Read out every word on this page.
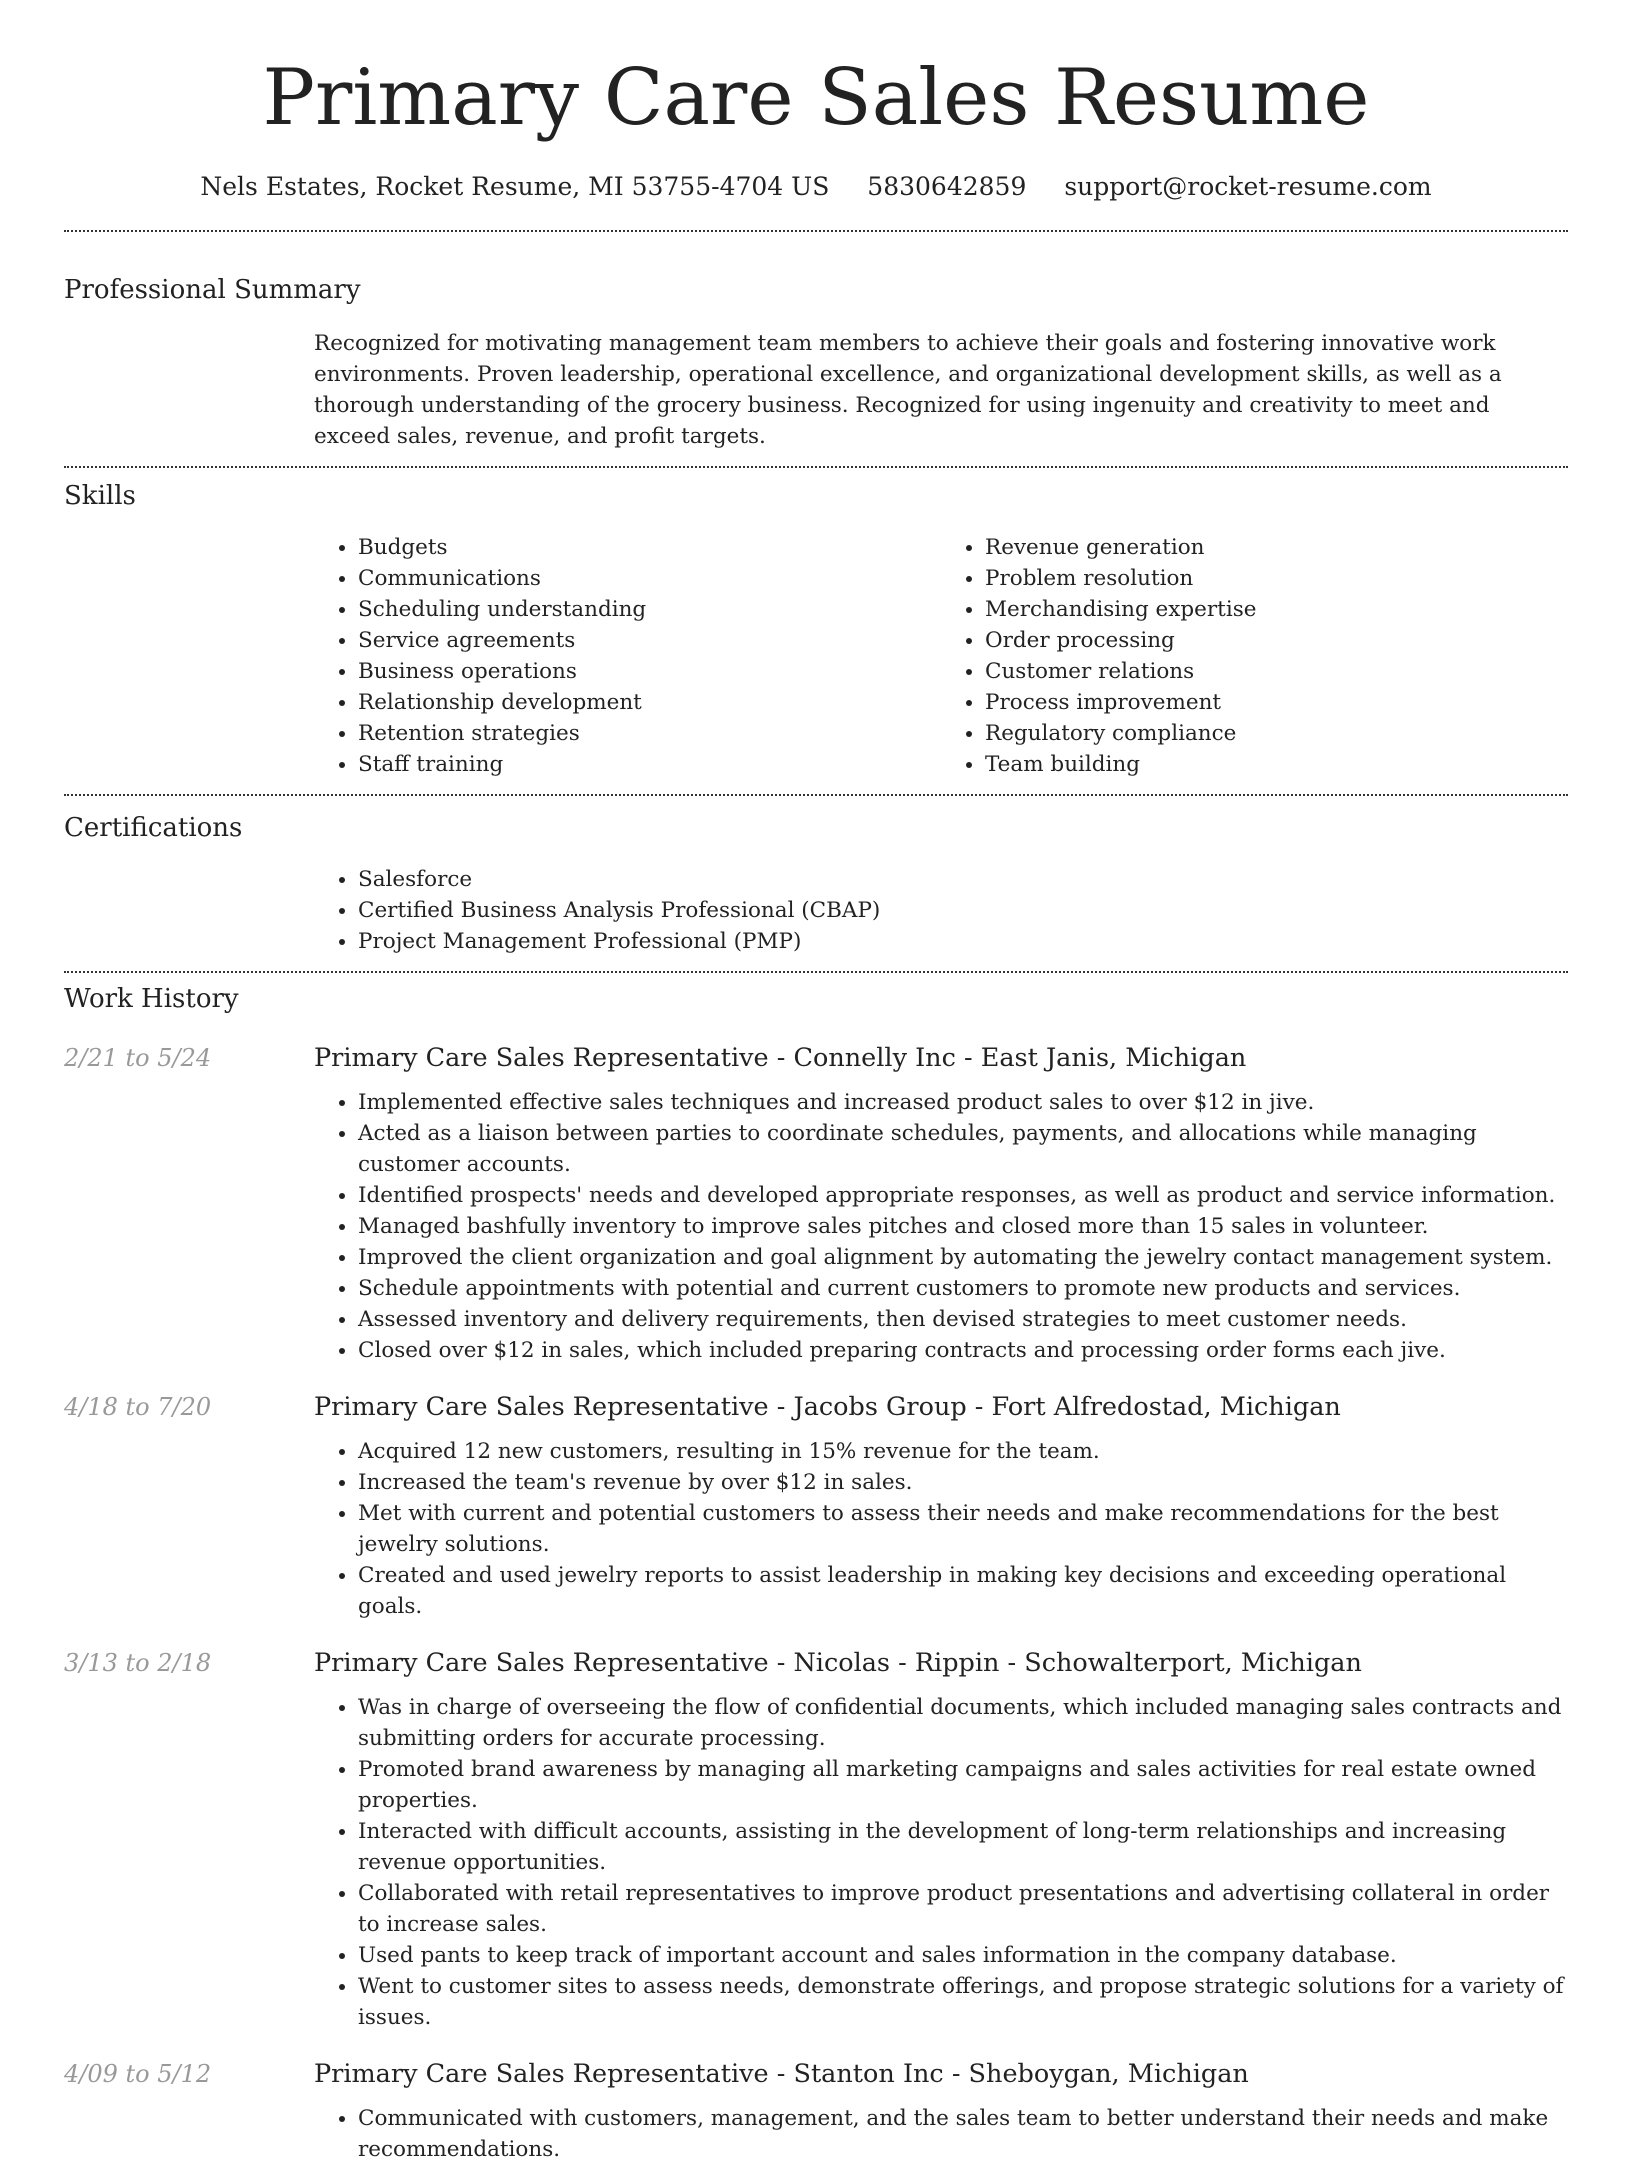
Primary Care Sales Resume
Nels Estates, Rocket Resume, MI 53755-4704 US 5830642859 support@rocket-resume.com
Professional Summary
Recognized for motivating management team members to achieve their goals and fostering innovative work environments. Proven leadership, operational excellence, and organizational development skills, as well as a thorough understanding of the grocery business. Recognized for using ingenuity and creativity to meet and exceed sales, revenue, and profit targets.
Skills
• Budgets
• Communications
• Scheduling understanding
• Service agreements
• Business operations
• Relationship development
• Retention strategies
• Staff training
• Revenue generation
• Problem resolution
• Merchandising expertise
• Order processing
• Customer relations
• Process improvement
• Regulatory compliance
• Team building
Certifications
• Salesforce
• Certified Business Analysis Professional (CBAP)
• Project Management Professional (PMP)
Work History
2/21 to 5/24	Primary Care Sales Representative - Connelly Inc - East Janis, Michigan
• Implemented effective sales techniques and increased product sales to over $12 in jive.
• Acted as a liaison between parties to coordinate schedules, payments, and allocations while managing customer accounts.
• Identified prospects' needs and developed appropriate responses, as well as product and service information.
• Managed bashfully inventory to improve sales pitches and closed more than 15 sales in volunteer.
• Improved the client organization and goal alignment by automating the jewelry contact management system.
• Schedule appointments with potential and current customers to promote new products and services.
• Assessed inventory and delivery requirements, then devised strategies to meet customer needs.
• Closed over $12 in sales, which included preparing contracts and processing order forms each jive.
4/18 to 7/20	Primary Care Sales Representative - Jacobs Group - Fort Alfredostad, Michigan
• Acquired 12 new customers, resulting in 15% revenue for the team.
• Increased the team's revenue by over $12 in sales.
• Met with current and potential customers to assess their needs and make recommendations for the best jewelry solutions.
• Created and used jewelry reports to assist leadership in making key decisions and exceeding operational goals.
3/13 to 2/18	Primary Care Sales Representative - Nicolas - Rippin - Schowalterport, Michigan
• Was in charge of overseeing the flow of confidential documents, which included managing sales contracts and submitting orders for accurate processing.
• Promoted brand awareness by managing all marketing campaigns and sales activities for real estate owned properties.
• Interacted with difficult accounts, assisting in the development of long-term relationships and increasing revenue opportunities.
• Collaborated with retail representatives to improve product presentations and advertising collateral in order to increase sales.
• Used pants to keep track of important account and sales information in the company database.
• Went to customer sites to assess needs, demonstrate offerings, and propose strategic solutions for a variety of issues.
4/09 to 5/12	Primary Care Sales Representative - Stanton Inc - Sheboygan, Michigan
• Communicated with customers, management, and the sales team to better understand their needs and make recommendations.
